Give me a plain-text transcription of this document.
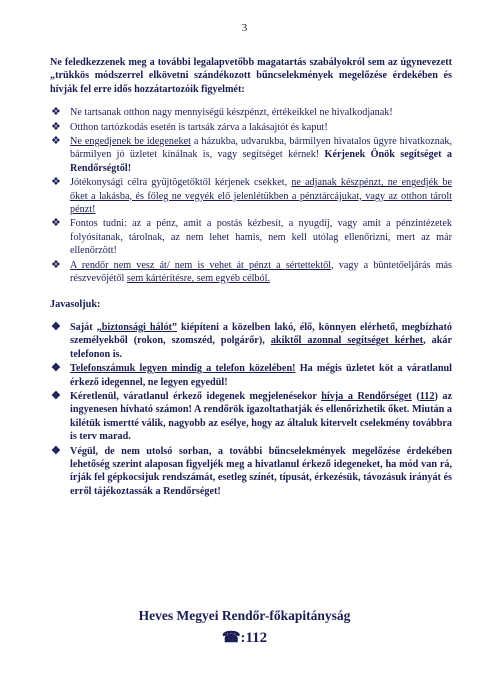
3

Ne feledkezzenek meg a további legalapvetőbb magatartás szabályokról sem az úgynevezett „trükkös módszerrel elkövetni szándékozott bűncselekmények megelőzése érdekében és hívják fel erre idős hozzátartozóik figyelmét:

❖ Ne tartsanak otthon nagy mennyiségű készpénzt, értékeikkel ne hivalkodjanak!
❖ Otthon tartózkodás esetén is tartsák zárva a lakásajtót és kaput!
❖ Ne engedjenek be idegeneket a házukba, udvarukba, bármilyen hivatalos ügyre hivatkoznak, bármilyen jó üzletet kínálnak is, vagy segítséget kérnek! Kérjenek Önök segítséget a Rendőrségtől!
❖ Jótékonysági célra gyűjtögetőktől kérjenek csekket, ne adjanak készpénzt, ne engedjék be őket a lakásba, és főleg ne vegyék elő jelenlétükben a pénztárcájukat, vagy az otthon tárolt pénzt!
❖ Fontos tudni: az a pénz, amit a postás kézbesít, a nyugdíj, vagy amit a pénzintézetek folyósítanak, tárolnak, az nem lehet hamis, nem kell utólag ellenőrizni, mert az már ellenőrzött!
❖ A rendőr nem vesz át/ nem is vehet át pénzt a sértettektől, vagy a büntetőeljárás más részvevőjétől sem kártérítésre, sem egyéb célból.
Javasoljuk:
❖ Saját „biztonsági hálót” kiépíteni a közelben lakó, élő, könnyen elérhető, megbízható személyekből (rokon, szomszéd, polgárőr), akiktől azonnal segítséget kérhet, akár telefonon is.
❖ Telefonszámuk legyen mindig a telefon közelében! Ha mégis üzletet köt a váratlanul érkező idegennel, ne legyen egyedül!
❖ Kéretlenül, váratlanul érkező idegenek megjelenésekor hívja a Rendőrséget (112) az ingyenesen hívható számon! A rendőrök igazoltathatják és ellenőrizhetik őket. Miután a kilétük ismertté válik, nagyobb az esélye, hogy az általuk kitervelt cselekmény továbbra is terv marad.
❖ Végül, de nem utolsó sorban, a további bűncselekmények megelőzése érdekében lehetőség szerint alaposan figyeljék meg a hivatlanul érkező idegeneket, ha mód van rá, írják fel gépkocsijuk rendszámát, esetleg színét, típusát, érkezésük, távozásuk irányát és erről tájékoztassák a Rendőrséget!
Heves Megyei Rendőr-főkapitányság
☎:112
